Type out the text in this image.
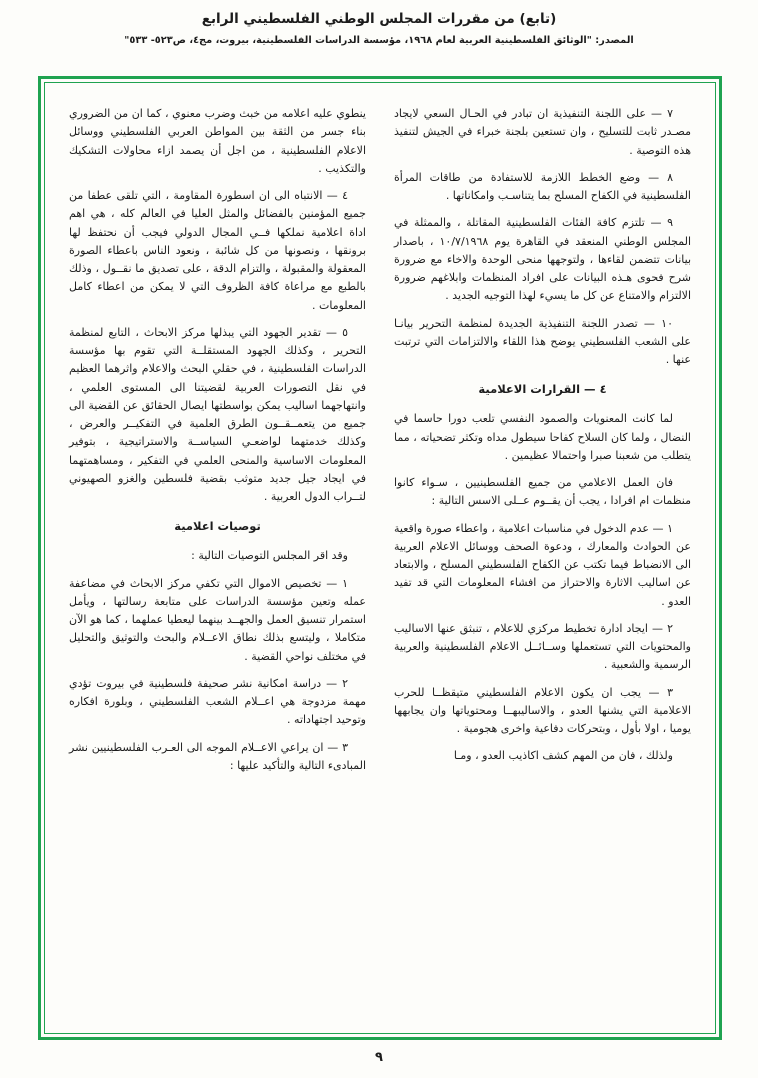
(تابع) من مقررات المجلس الوطني الفلسطيني الرابع
المصدر: "الوثائق الفلسطينية العربية لعام ١٩٦٨، مؤسسة الدراسات الفلسطينية، بيروت، مج٤، ص٥٢٣- ٥٣٣"

٧ — على اللجنة التنفيذية ان تبادر في الحـال السعي لايجاد مصـدر ثابت للتسليح ، وان تستعين بلجنة خبراء في الجيش لتنفيذ هذه التوصية .

٨ — وضع الخطط اللازمة للاستفادة من طاقات المرأة الفلسطينية في الكفاح المسلح بما يتناسـب وامكاناتها .

٩ — تلتزم كافة الفئات الفلسطينية المقاتلة ، والممثلة في المجلس الوطني المنعقد في القاهرة يوم ١٠/٧/١٩٦٨ ، باصدار بيانات تتضمن لقاءها ، ولتوجهها منحى الوحدة والاخاء مع ضرورة شرح فحوى هـذه البيانات على افراد المنظمات وابلاغهم ضرورة الالتزام والامتناع عن كل ما يسيء لهذا التوجيه الجديد .

١٠ — تصدر اللجنة التنفيذية الجديدة لمنظمة التحرير بيانـا على الشعب الفلسطيني يوضح هذا اللقاء والالتزامات التي ترتبت عنها .

٤ — القرارات الاعلامية

لما كانت المعنويات والصمود النفسي تلعب دورا حاسما في النضال ، ولما كان السلاح كفاحا سيطول مداه وتكثر تضحياته ، مما يتطلب من شعبنا صبرا واحتمالا عظيمين .

فان العمل الاعلامي من جميع الفلسطينيين ، سـواء كانوا منظمات ام افرادا ، يجب أن يقــوم عــلى الاسس التالية :

١ — عدم الدخول في مناسبات اعلامية ، واعطاء صورة واقعية عن الحوادث والمعارك ، ودعوة الصحف ووسائل الاعلام العربية الى الانضباط فيما تكتب عن الكفاح الفلسطيني المسلح ، والابتعاد عن اساليب الاثارة والاحتراز من افشاء المعلومات التي قد تفيد العدو .

٢ — ايجاد ادارة تخطيط مركزي للاعلام ، تنبثق عنها الاساليب والمحتويات التي تستعملها وســائــل الاعلام الفلسطينية والعربية الرسمية والشعبية .

٣ — يجب ان يكون الاعلام الفلسطيني متيقظــا للحرب الاعلامية التي يشنها العدو ، والاساليبهــا ومحتوياتها وان يجابهها يوميا ، اولا بأول ، وبتحركات دفاعية واخرى هجومية .

ولذلك ، فان من المهم كشف اكاذيب العدو ، ومـا

ينطوي عليه اعلامه من خبث وضرب معنوي ، كما ان من الضروري بناء جسر من الثقة بين المواطن العربي الفلسطيني ووسائل الاعلام الفلسطينية ، من اجل أن يصمد ازاء محاولات التشكيك والتكذيب .

٤ — الانتباه الى ان اسطورة المقاومة ، التي تلقى عطفا من جميع المؤمنين بالفضائل والمثل العليا في العالم كله ، هي اهم اداة اعلامية نملكها فــي المجال الدولي فيجب أن نحتفظ لها برونقها ، ونصونها من كل شائبة ، ونعود الناس باعطاء الصورة المعقولة والمقبولة ، والتزام الدقة ، على تصديق ما نقــول ، وذلك بالطبع مع مراعاة كافة الظروف التي لا يمكن من اعطاء كامل المعلومات .

٥ — تقدير الجهود التي يبذلها مركز الابحاث ، التابع لمنظمة التحرير ، وكذلك الجهود المستقلــة التي تقوم بها مؤسسة الدراسات الفلسطينية ، في حقلي البحث والاعلام واثرهما العظيم في نقل التصورات العربية لقضيتنا الى المستوى العلمي ، وانتهاجهما اساليب يمكن بواسطتها ايصال الحقائق عن القضية الى جميع من يتعمــقــون الطرق العلمية في التفكيــر والعرض ، وكذلك خدمتهما لواضعـي السياســة والاستراتيجية ، بتوفير المعلومات الاساسية والمنحى العلمي في التفكير ، ومساهمتهما في ايجاد جيل جديد متوثب بقضية فلسطين والغزو الصهيوني لتــراب الدول العربية .

توصيات اعلامية

وقد اقر المجلس التوصيات التالية :

١ — تخصيص الاموال التي تكفي مركز الابحاث في مضاعفة عمله وتعين مؤسسة الدراسات على متابعة رسالتها ، ويأمل استمرار تنسيق العمل والجهــد بينهما ليعطيا عملهما ، كما هو الآن متكاملا ، وليتسع بذلك نطاق الاعــلام والبحث والتوثيق والتحليل في مختلف نواحي القضية .

٢ — دراسة امكانية نشر صحيفة فلسطينية في بيروت تؤدي مهمة مزدوجة هي اعــلام الشعب الفلسطيني ، وبلورة افكاره وتوحيد اجتهاداته .

٣ — ان يراعي الاعــلام الموجه الى العـرب الفلسطينيين نشر المبادىء التالية والتأكيد عليها :

٩
